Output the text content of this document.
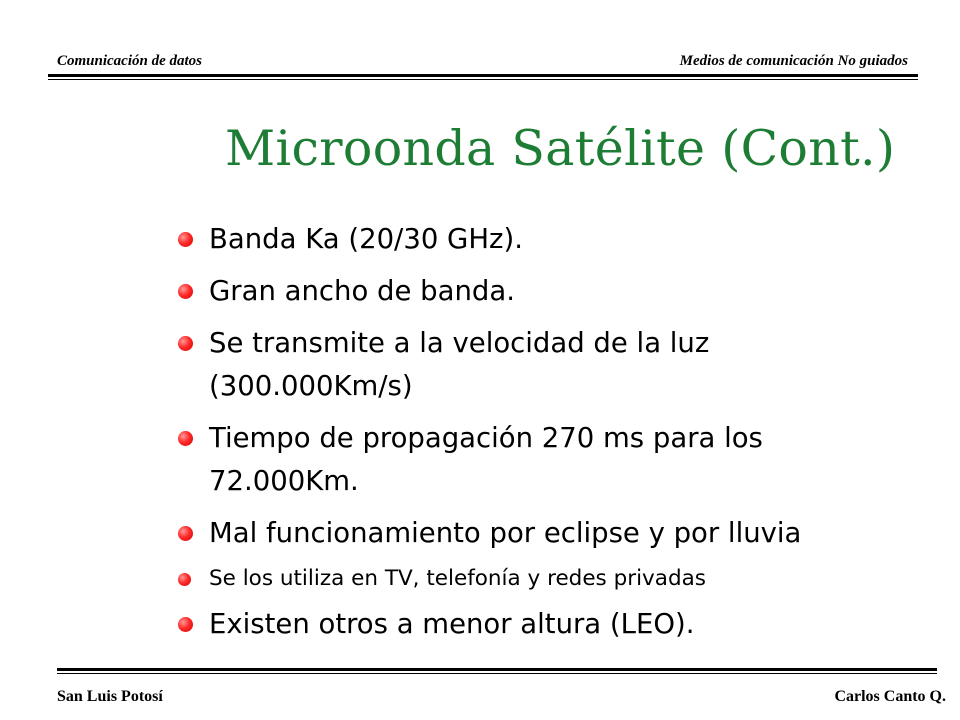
Comunicación de datos	Medios de comunicación No guiados
Microonda Satélite (Cont.)
Banda Ka (20/30 GHz).
Gran ancho de banda.
Se transmite a la velocidad de la luz (300.000Km/s)
Tiempo de propagación 270 ms para los 72.000Km.
Mal funcionamiento por eclipse y por lluvia
Se los utiliza en TV, telefonía y redes privadas
Existen otros a menor altura (LEO).
San Luis Potosí	Carlos Canto Q.
